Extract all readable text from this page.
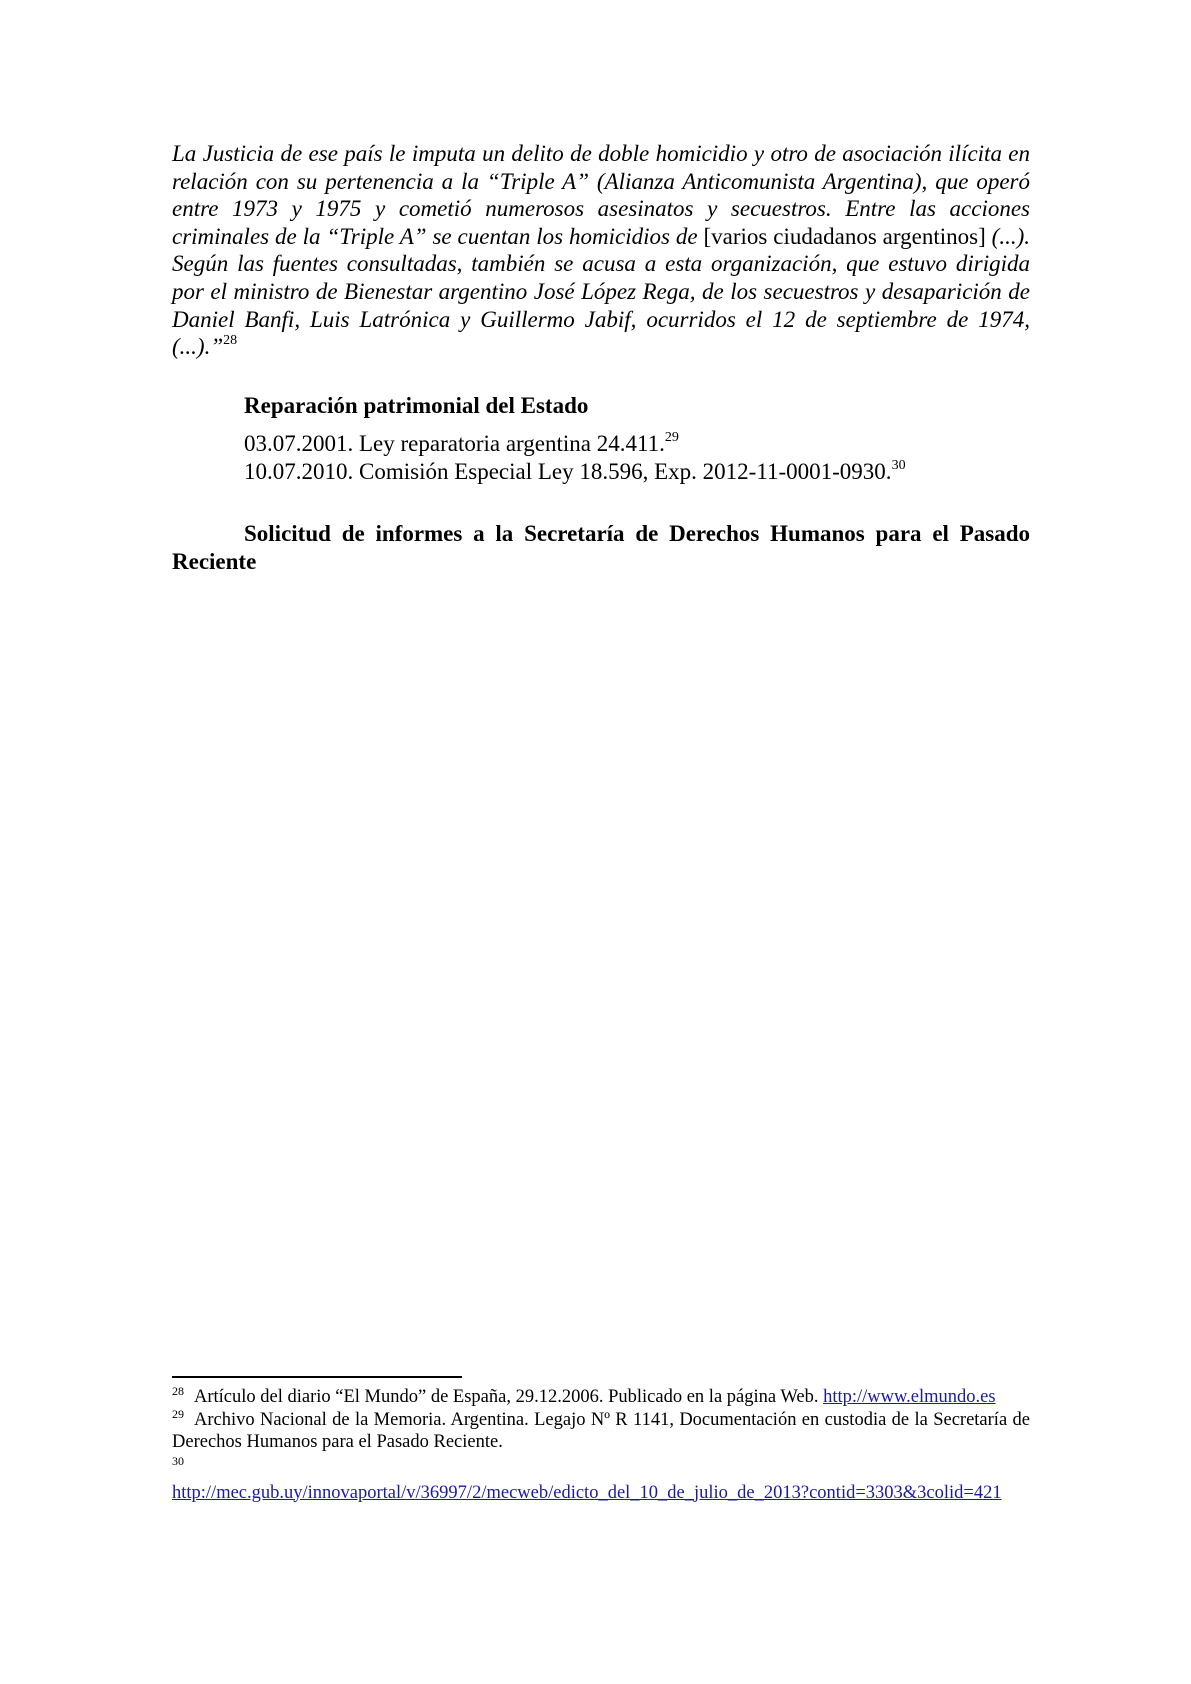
La Justicia de ese país le imputa un delito de doble homicidio y otro de asociación ilícita en relación con su pertenencia a la “Triple A” (Alianza Anticomunista Argentina), que operó entre 1973 y 1975 y cometió numerosos asesinatos y secuestros. Entre las acciones criminales de la “Triple A” se cuentan los homicidios de [varios ciudadanos argentinos] (...). Según las fuentes consultadas, también se acusa a esta organización, que estuvo dirigida por el ministro de Bienestar argentino José López Rega, de los secuestros y desaparición de Daniel Banfi, Luis Latrónica y Guillermo Jabif, ocurridos el 12 de septiembre de 1974, (...).”$^{28}$
Reparación patrimonial del Estado
03.07.2001. Ley reparatoria argentina 24.411.29
10.07.2010. Comisión Especial Ley 18.596, Exp. 2012-11-0001-0930.30
Solicitud de informes a la Secretaría de Derechos Humanos para el Pasado Reciente
$^{28}$ Artículo del diario “El Mundo” de España, 29.12.2006. Publicado en la página Web. http://www.elmundo.es
$^{29}$ Archivo Nacional de la Memoria. Argentina. Legajo Nº R 1141, Documentación en custodia de la Secretaría de Derechos Humanos para el Pasado Reciente.
30
http://mec.gub.uy/innovaportal/v/36997/2/mecweb/edicto_del_10_de_julio_de_2013?contid=3303&3colid=421
